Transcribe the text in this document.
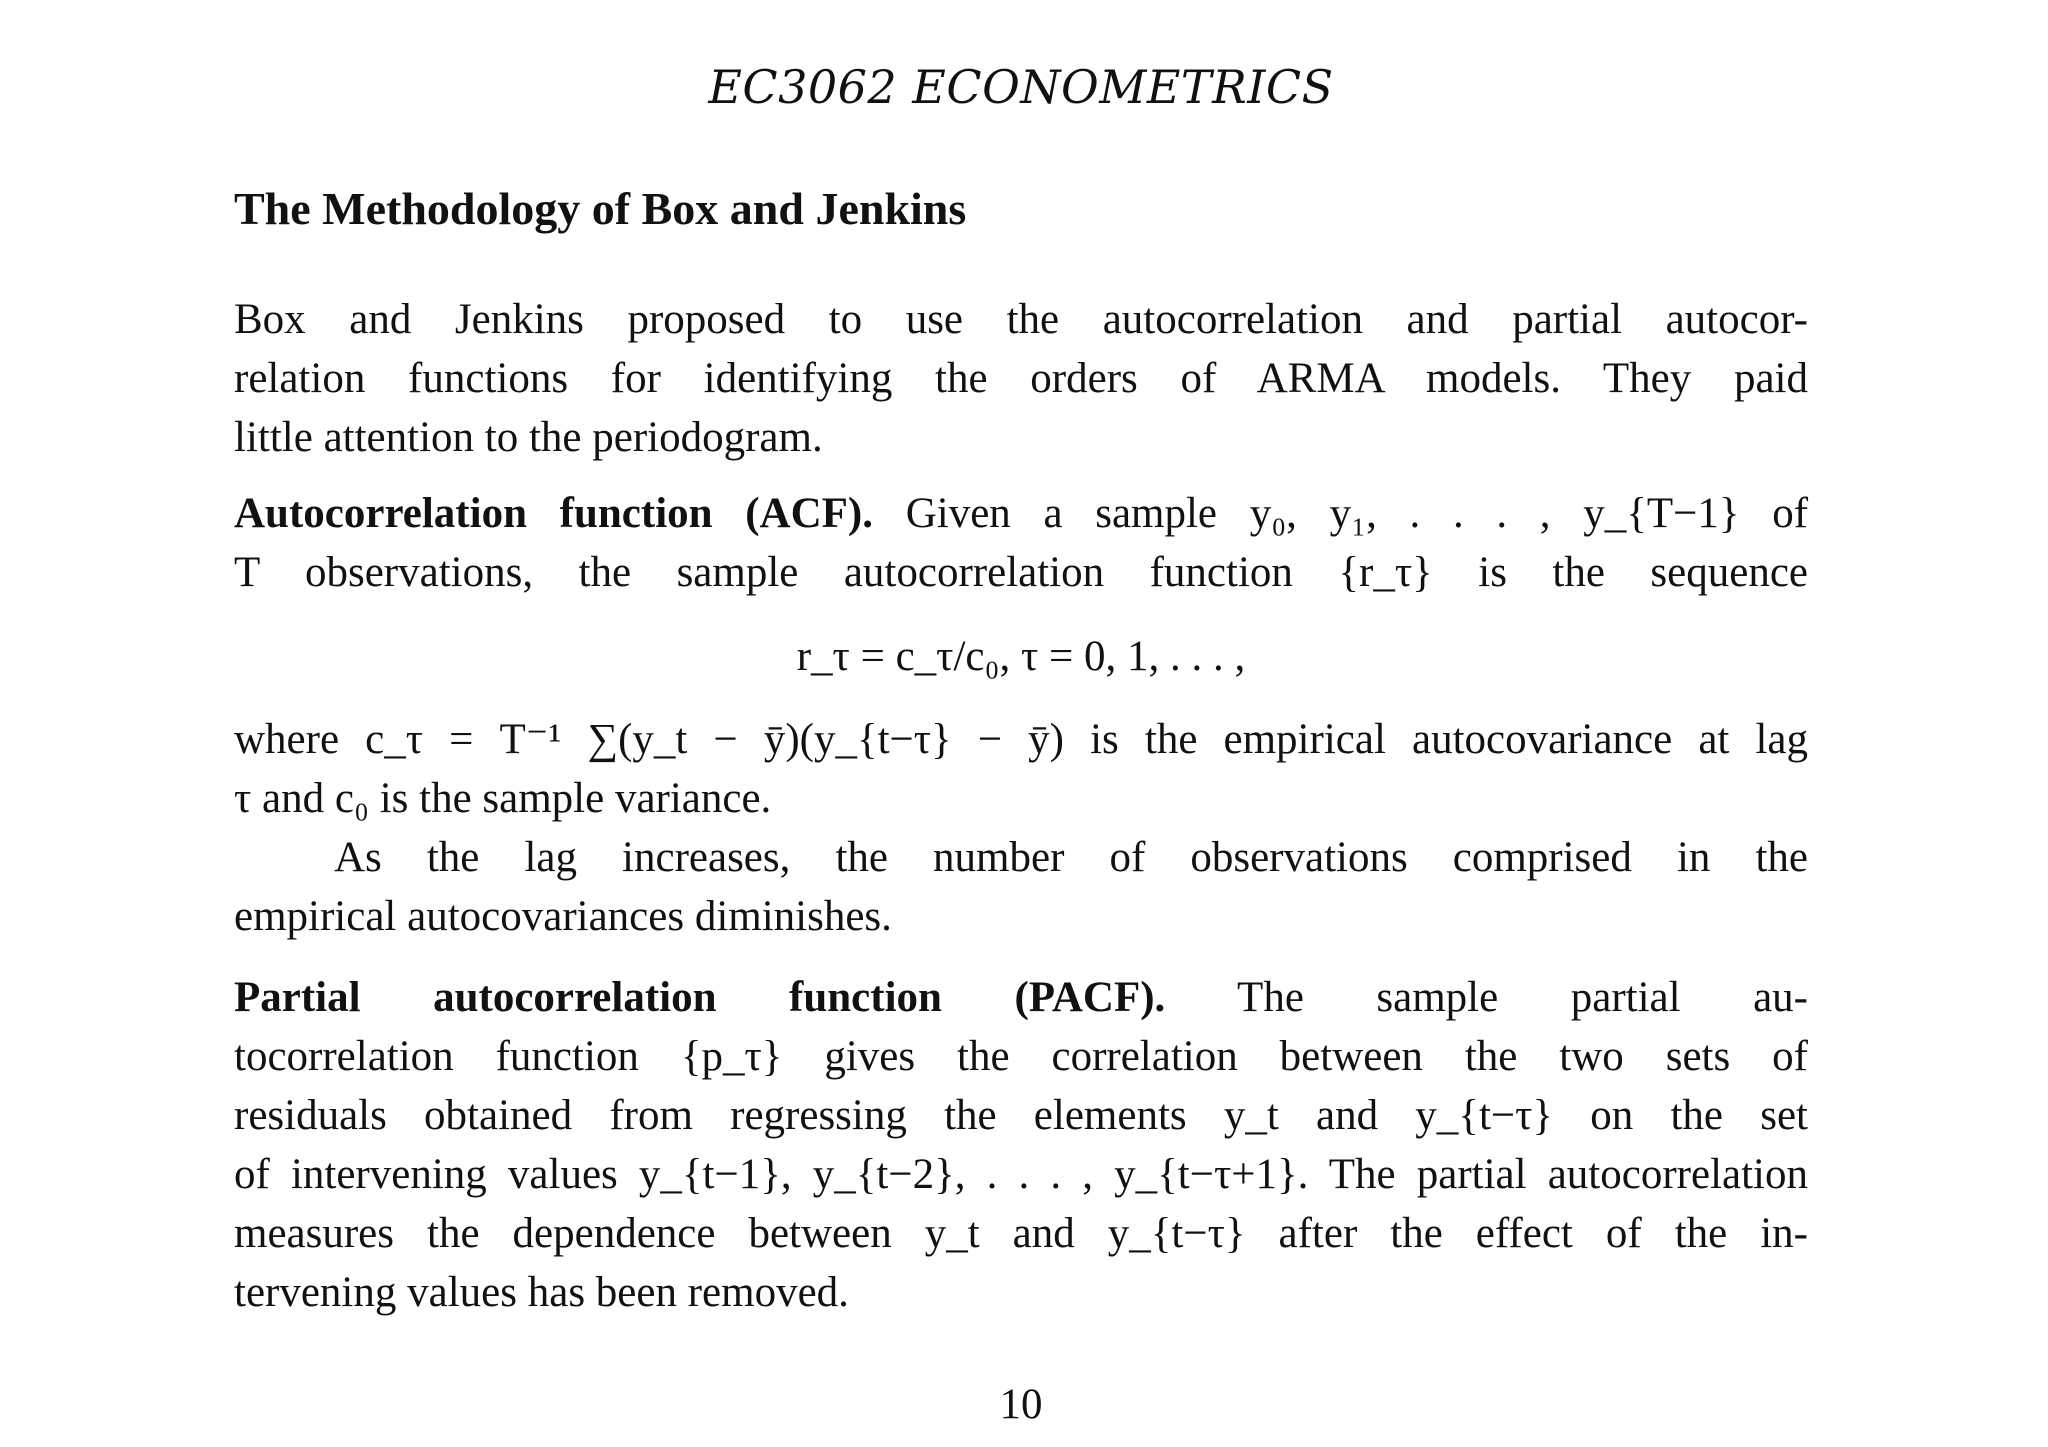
EC3062 ECONOMETRICS
The Methodology of Box and Jenkins
Box and Jenkins proposed to use the autocorrelation and partial autocor-
relation functions for identifying the orders of ARMA models. They paid
little attention to the periodogram.
Autocorrelation function (ACF). Given a sample y₀, y₁, . . . , y_{T−1} of
T observations, the sample autocorrelation function {r_τ} is the sequence
r_τ = c_τ/c₀, τ = 0, 1, . . . ,
where c_τ = T⁻¹ ∑(y_t − ȳ)(y_{t−τ} − ȳ) is the empirical autocovariance at lag
τ and c₀ is the sample variance.
As the lag increases, the number of observations comprised in the
empirical autocovariances diminishes.
Partial autocorrelation function (PACF). The sample partial au-
tocorrelation function {p_τ} gives the correlation between the two sets of
residuals obtained from regressing the elements y_t and y_{t−τ} on the set
of intervening values y_{t−1}, y_{t−2}, . . . , y_{t−τ+1}. The partial autocorrelation
measures the dependence between y_t and y_{t−τ} after the effect of the in-
tervening values has been removed.
10
